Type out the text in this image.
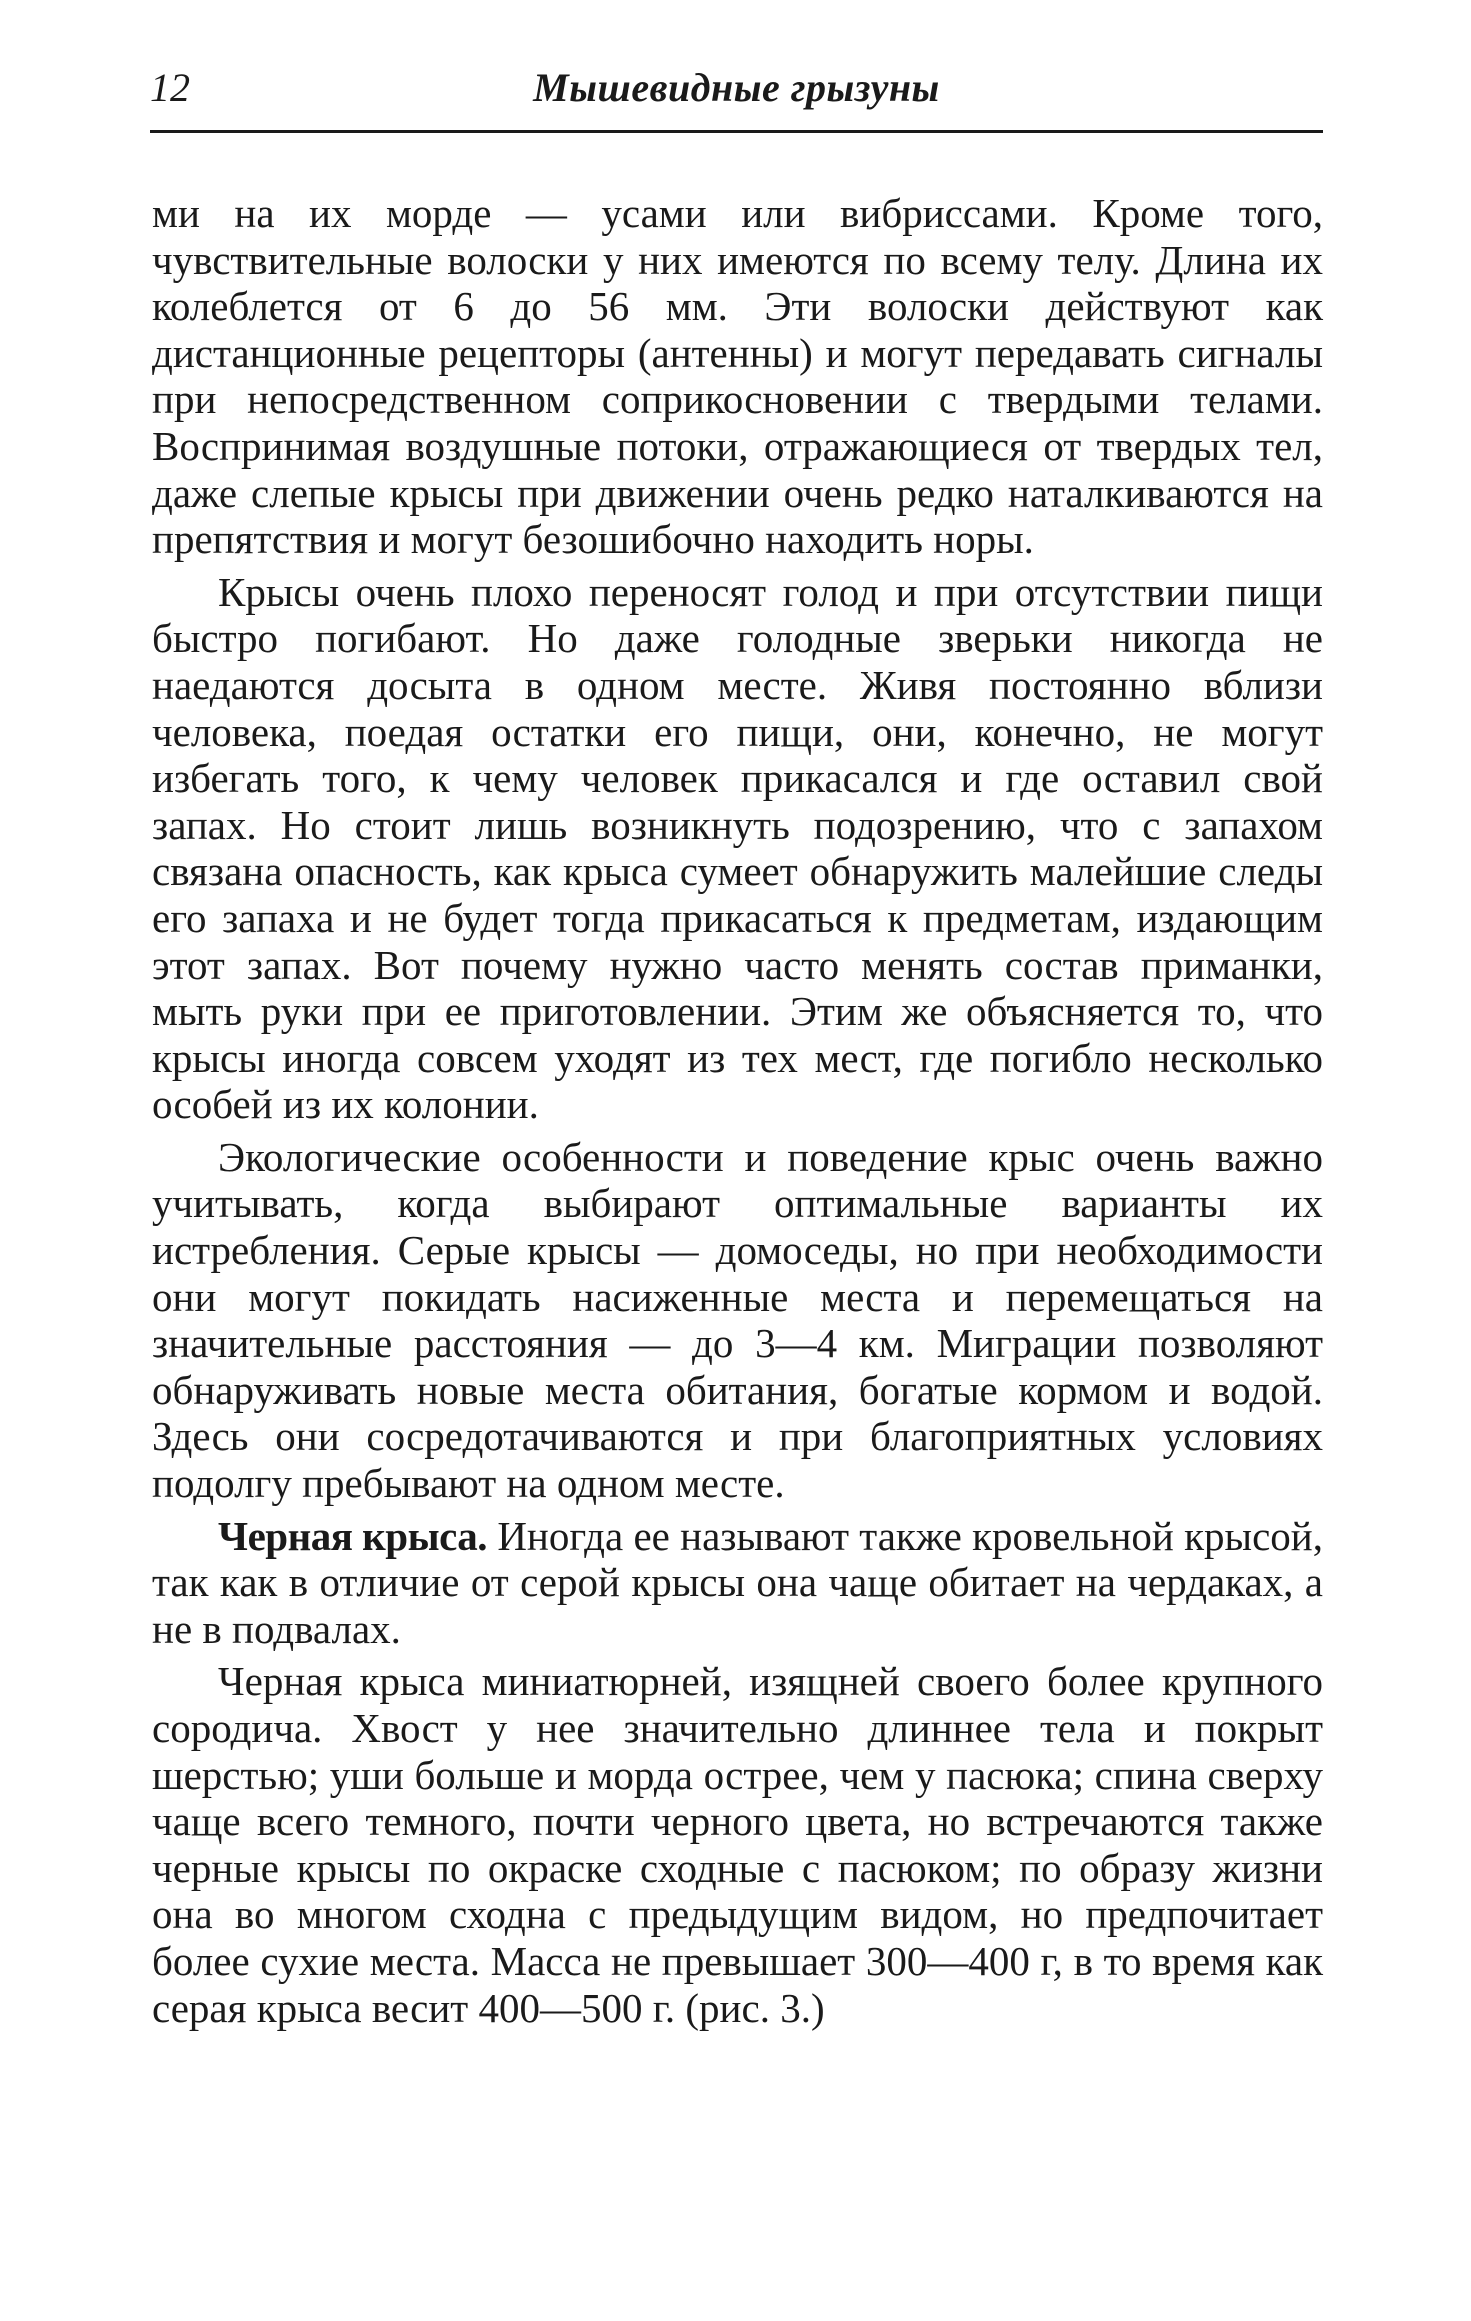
12	Мышевидные грызуны

ми на их морде — усами или вибриссами. Кроме того, чувствительные волоски у них имеются по всему телу. Длина их колеблется от 6 до 56 мм. Эти волоски действуют как дистанционные рецепторы (антенны) и могут передавать сигналы при непосредственном соприкосновении с твердыми телами. Воспринимая воздушные потоки, отражающиеся от твердых тел, даже слепые крысы при движении очень редко наталкиваются на препятствия и могут безошибочно находить норы.

Крысы очень плохо переносят голод и при отсутствии пищи быстро погибают. Но даже голодные зверьки никогда не наедаются досыта в одном месте. Живя постоянно вблизи человека, поедая остатки его пищи, они, конечно, не могут избегать того, к чему человек прикасался и где оставил свой запах. Но стоит лишь возникнуть подозрению, что с запахом связана опасность, как крыса сумеет обнаружить малейшие следы его запаха и не будет тогда прикасаться к предметам, издающим этот запах. Вот почему нужно часто менять состав приманки, мыть руки при ее приготовлении. Этим же объясняется то, что крысы иногда совсем уходят из тех мест, где погибло несколько особей из их колонии.

Экологические особенности и поведение крыс очень важно учитывать, когда выбирают оптимальные варианты их истребления. Серые крысы — домоседы, но при необходимости они могут покидать насиженные места и перемещаться на значительные расстояния — до 3—4 км. Миграции позволяют обнаруживать новые места обитания, богатые кормом и водой. Здесь они сосредотачиваются и при благоприятных условиях подолгу пребывают на одном месте.

Черная крыса. Иногда ее называют также кровельной крысой, так как в отличие от серой крысы она чаще обитает на чердаках, а не в подвалах.

Черная крыса миниатюрней, изящней своего более крупного сородича. Хвост у нее значительно длиннее тела и покрыт шерстью; уши больше и морда острее, чем у пасюка; спина сверху чаще всего темного, почти черного цвета, но встречаются также черные крысы по окраске сходные с пасюком; по образу жизни она во многом сходна с предыдущим видом, но предпочитает более сухие места. Масса не превышает 300—400 г, в то время как серая крыса весит 400—500 г. (рис. 3.)
